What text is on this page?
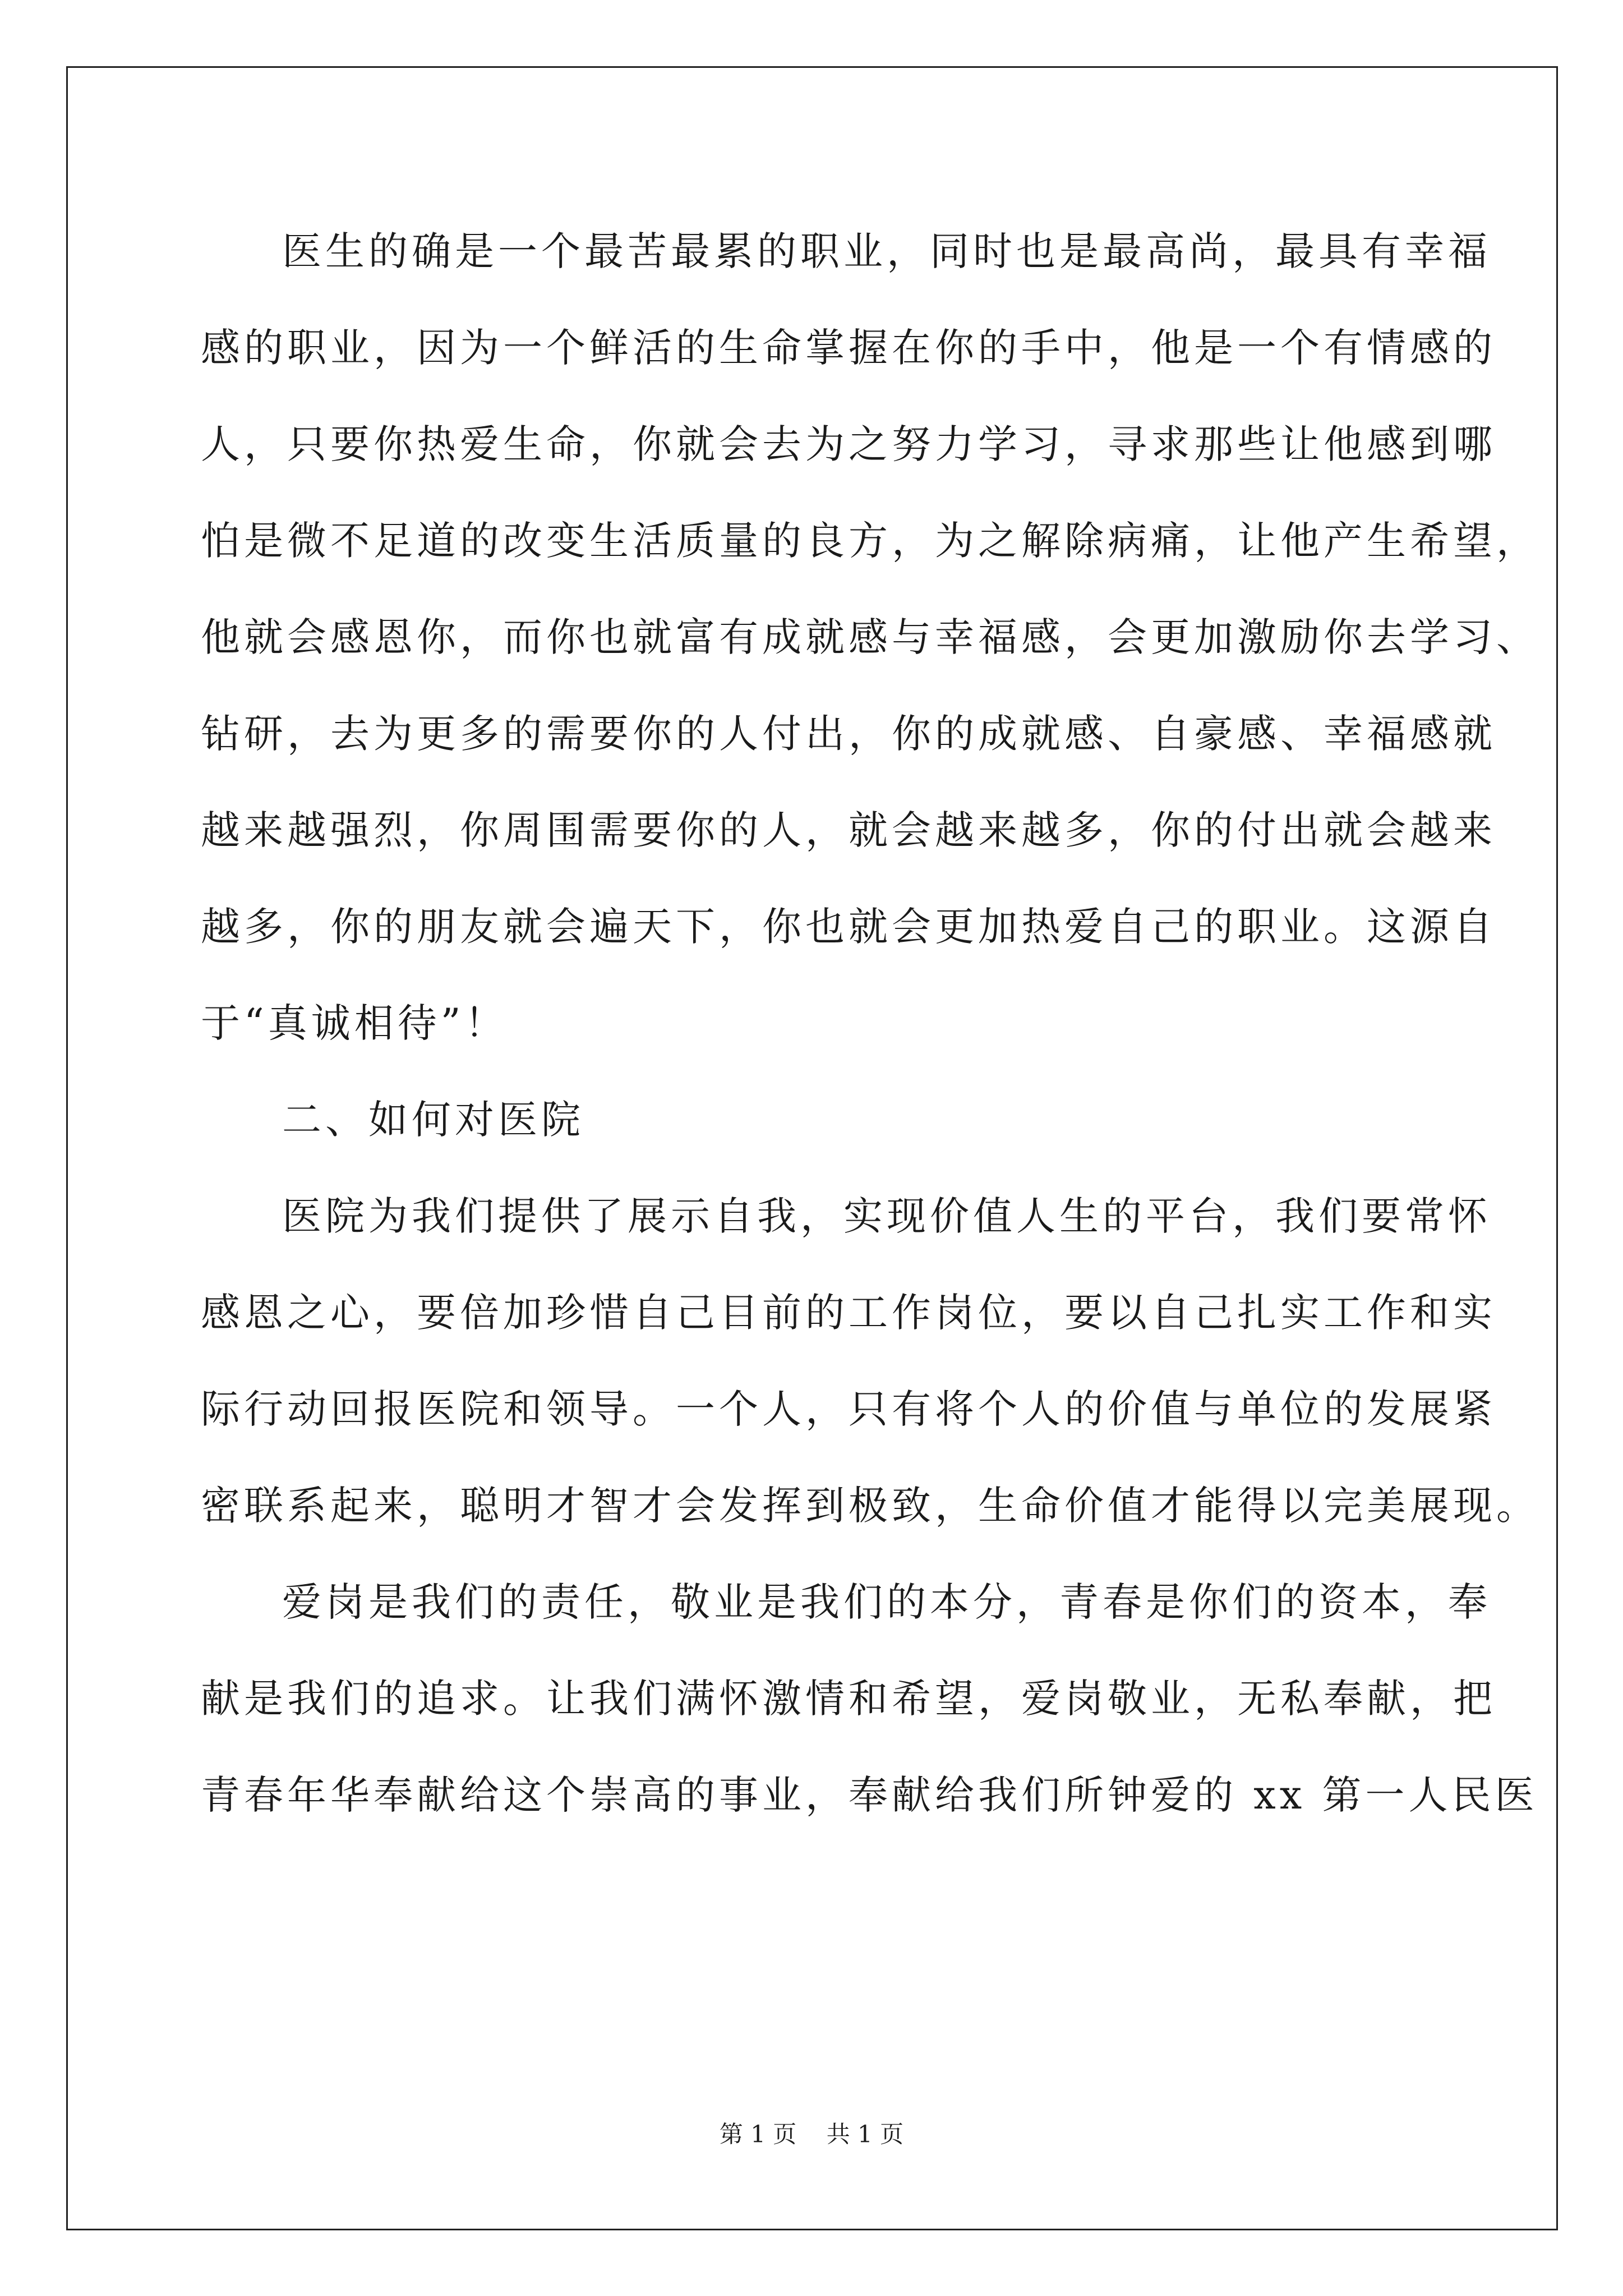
医生的确是一个最苦最累的职业，同时也是最高尚，最具有幸福
感的职业，因为一个鲜活的生命掌握在你的手中，他是一个有情感的
人，只要你热爱生命，你就会去为之努力学习，寻求那些让他感到哪
怕是微不足道的改变生活质量的良方，为之解除病痛，让他产生希望，
他就会感恩你，而你也就富有成就感与幸福感，会更加激励你去学习、
钻研，去为更多的需要你的人付出，你的成就感、自豪感、幸福感就
越来越强烈，你周围需要你的人，就会越来越多，你的付出就会越来
越多，你的朋友就会遍天下，你也就会更加热爱自己的职业。这源自
于“真诚相待”！
二、如何对医院
医院为我们提供了展示自我，实现价值人生的平台，我们要常怀
感恩之心，要倍加珍惜自己目前的工作岗位，要以自己扎实工作和实
际行动回报医院和领导。一个人，只有将个人的价值与单位的发展紧
密联系起来，聪明才智才会发挥到极致，生命价值才能得以完美展现。
爱岗是我们的责任，敬业是我们的本分，青春是你们的资本，奉
献是我们的追求。让我们满怀激情和希望，爱岗敬业，无私奉献，把
青春年华奉献给这个崇高的事业，奉献给我们所钟爱的 xx 第一人民医
第 1 页    共 1 页
